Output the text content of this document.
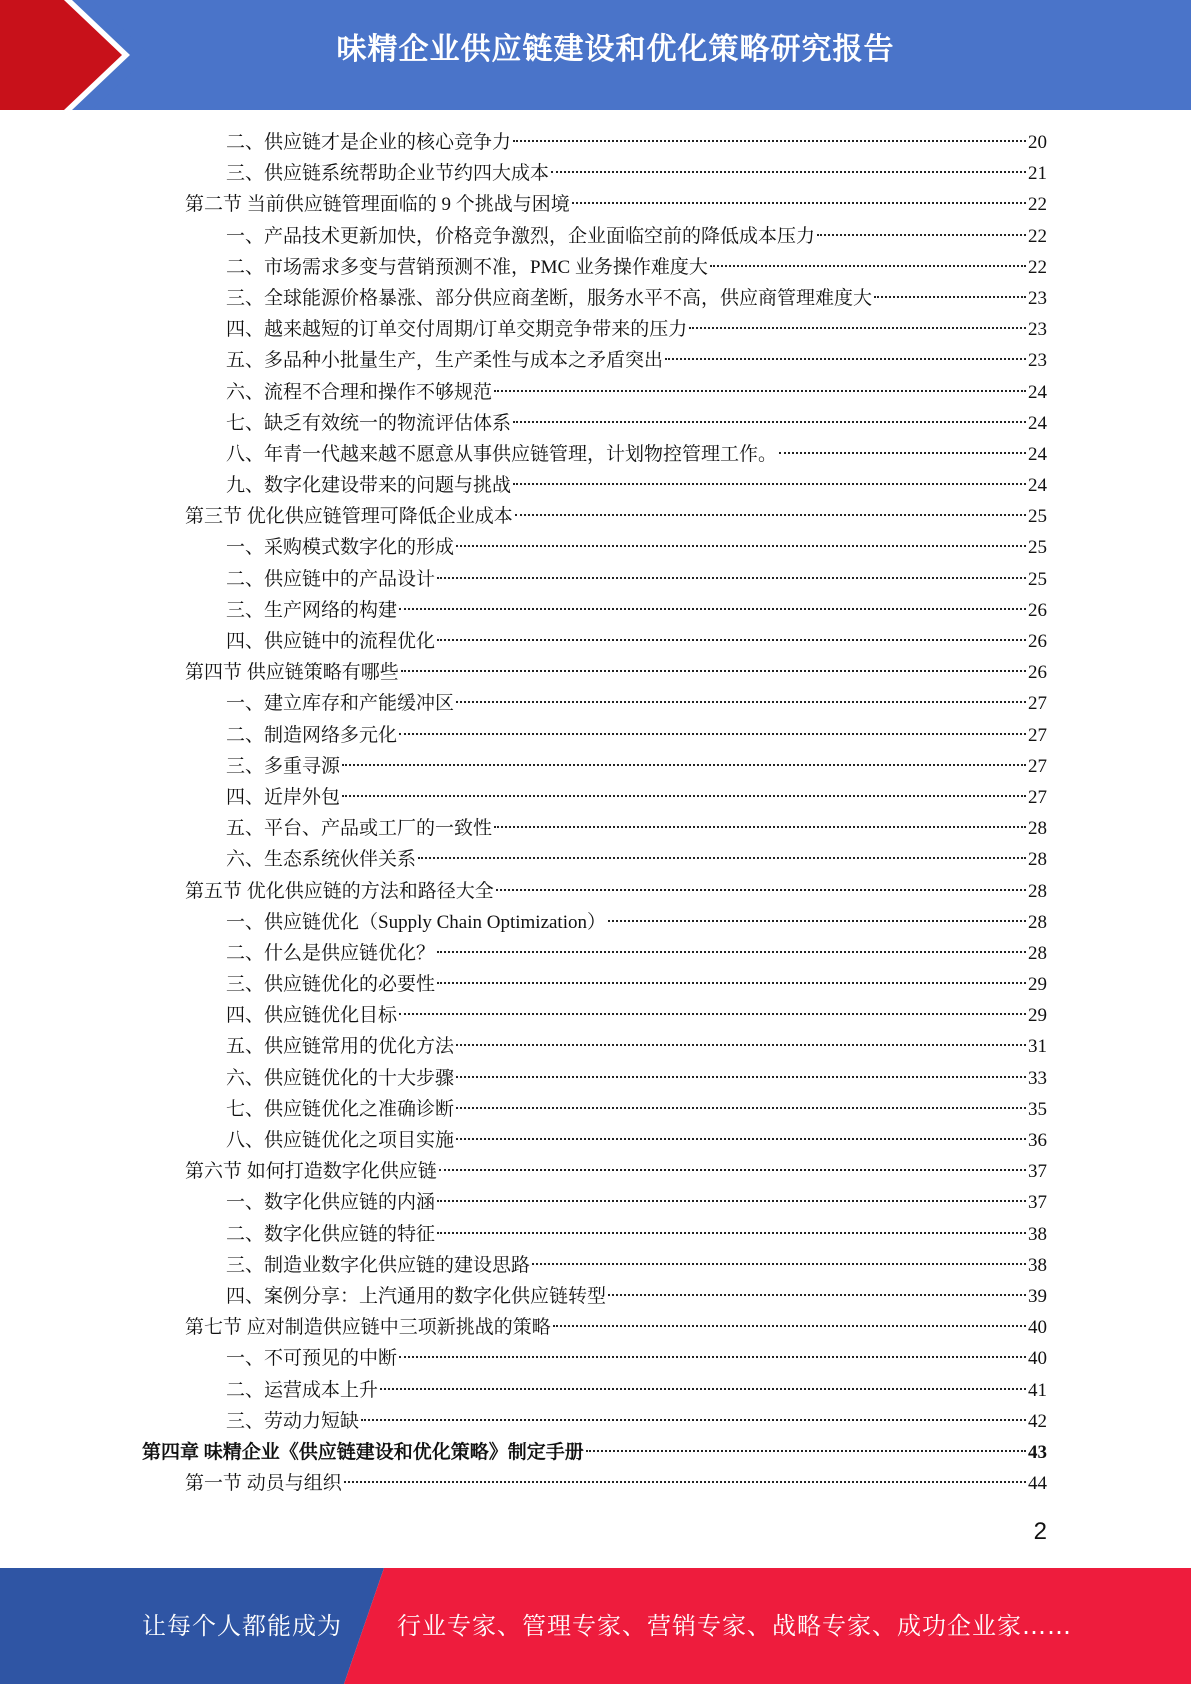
味精企业供应链建设和优化策略研究报告
二、供应链才是企业的核心竞争力	20
三、供应链系统帮助企业节约四大成本	21
第二节 当前供应链管理面临的 9 个挑战与困境	22
一、产品技术更新加快，价格竞争激烈，企业面临空前的降低成本压力	22
二、市场需求多变与营销预测不准，PMC 业务操作难度大	22
三、全球能源价格暴涨、部分供应商垄断，服务水平不高，供应商管理难度大	23
四、越来越短的订单交付周期/订单交期竞争带来的压力	23
五、多品种小批量生产，生产柔性与成本之矛盾突出	23
六、流程不合理和操作不够规范	24
七、缺乏有效统一的物流评估体系	24
八、年青一代越来越不愿意从事供应链管理，计划物控管理工作。	24
九、数字化建设带来的问题与挑战	24
第三节 优化供应链管理可降低企业成本	25
一、采购模式数字化的形成	25
二、供应链中的产品设计	25
三、生产网络的构建	26
四、供应链中的流程优化	26
第四节 供应链策略有哪些	26
一、建立库存和产能缓冲区	27
二、制造网络多元化	27
三、多重寻源	27
四、近岸外包	27
五、平台、产品或工厂的一致性	28
六、生态系统伙伴关系	28
第五节 优化供应链的方法和路径大全	28
一、供应链优化（Supply Chain Optimization）	28
二、什么是供应链优化？	28
三、供应链优化的必要性	29
四、供应链优化目标	29
五、供应链常用的优化方法	31
六、供应链优化的十大步骤	33
七、供应链优化之准确诊断	35
八、供应链优化之项目实施	36
第六节 如何打造数字化供应链	37
一、数字化供应链的内涵	37
二、数字化供应链的特征	38
三、制造业数字化供应链的建设思路	38
四、案例分享：上汽通用的数字化供应链转型	39
第七节 应对制造供应链中三项新挑战的策略	40
一、不可预见的中断	40
二、运营成本上升	41
三、劳动力短缺	42
第四章 味精企业《供应链建设和优化策略》制定手册	43
第一节 动员与组织	44
2
让每个人都能成为 行业专家、管理专家、营销专家、战略专家、成功企业家……
